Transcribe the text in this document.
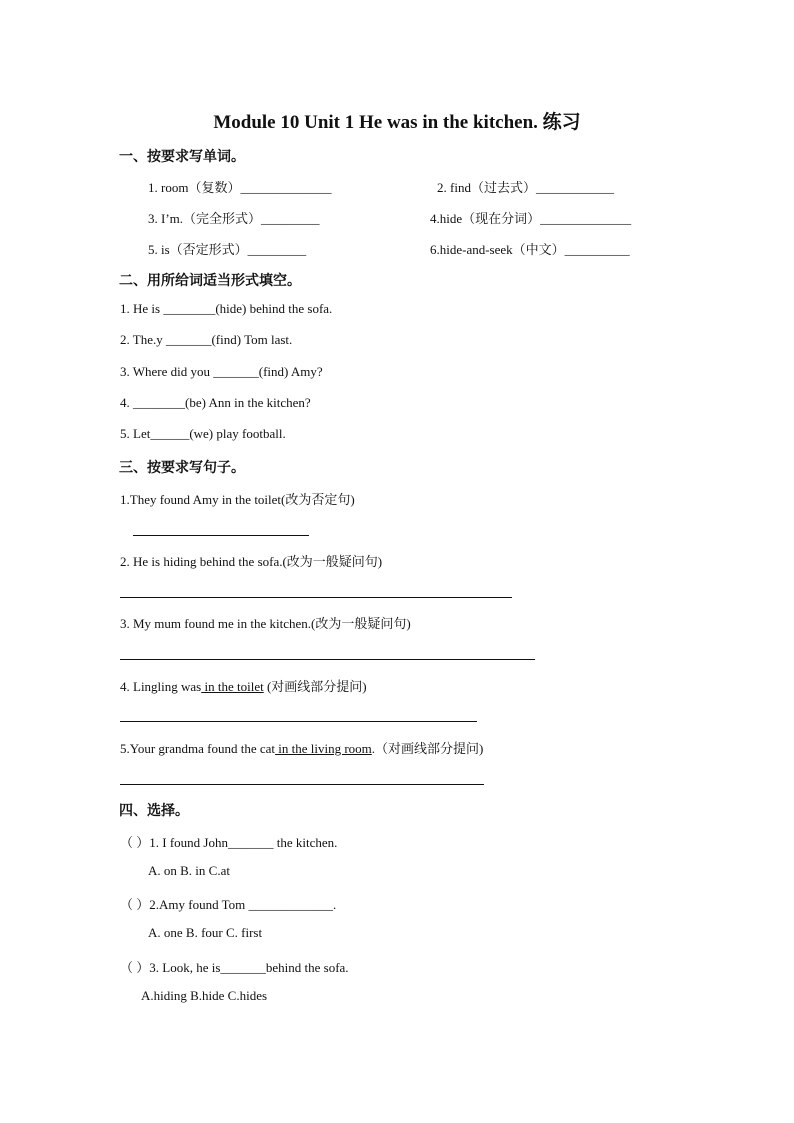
Module 10 Unit 1 He was in the kitchen. 练习
一、按要求写单词。
1. room（复数）______________	2. find（过去式）____________
3. I’m.（完全形式）_________	4.hide（现在分词）______________
5. is（否定形式）_________	6.hide-and-seek（中文）__________
二、用所给词适当形式填空。
1. He is ________(hide) behind the sofa.
2. The.y _______(find) Tom last.
3. Where did you _______(find) Amy?
4. ________(be) Ann in the kitchen?
5. Let______(we) play football.
三、按要求写句子。
1.They found Amy in the toilet(改为否定句)
2. He is hiding behind the sofa.(改为一般疑问句)
3. My mum found me in the kitchen.(改为一般疑问句)
4. Lingling was in the toilet (对画线部分提问)
5.Your grandma found the cat in the living room.（对画线部分提问)
四、选择。
（ ）1. I found John_______ the kitchen.
A. on B. in C.at
（ ）2.Amy found Tom _____________.
A. one B. four C. first
（ ）3. Look, he is_______behind the sofa.
A.hiding B.hide C.hides
